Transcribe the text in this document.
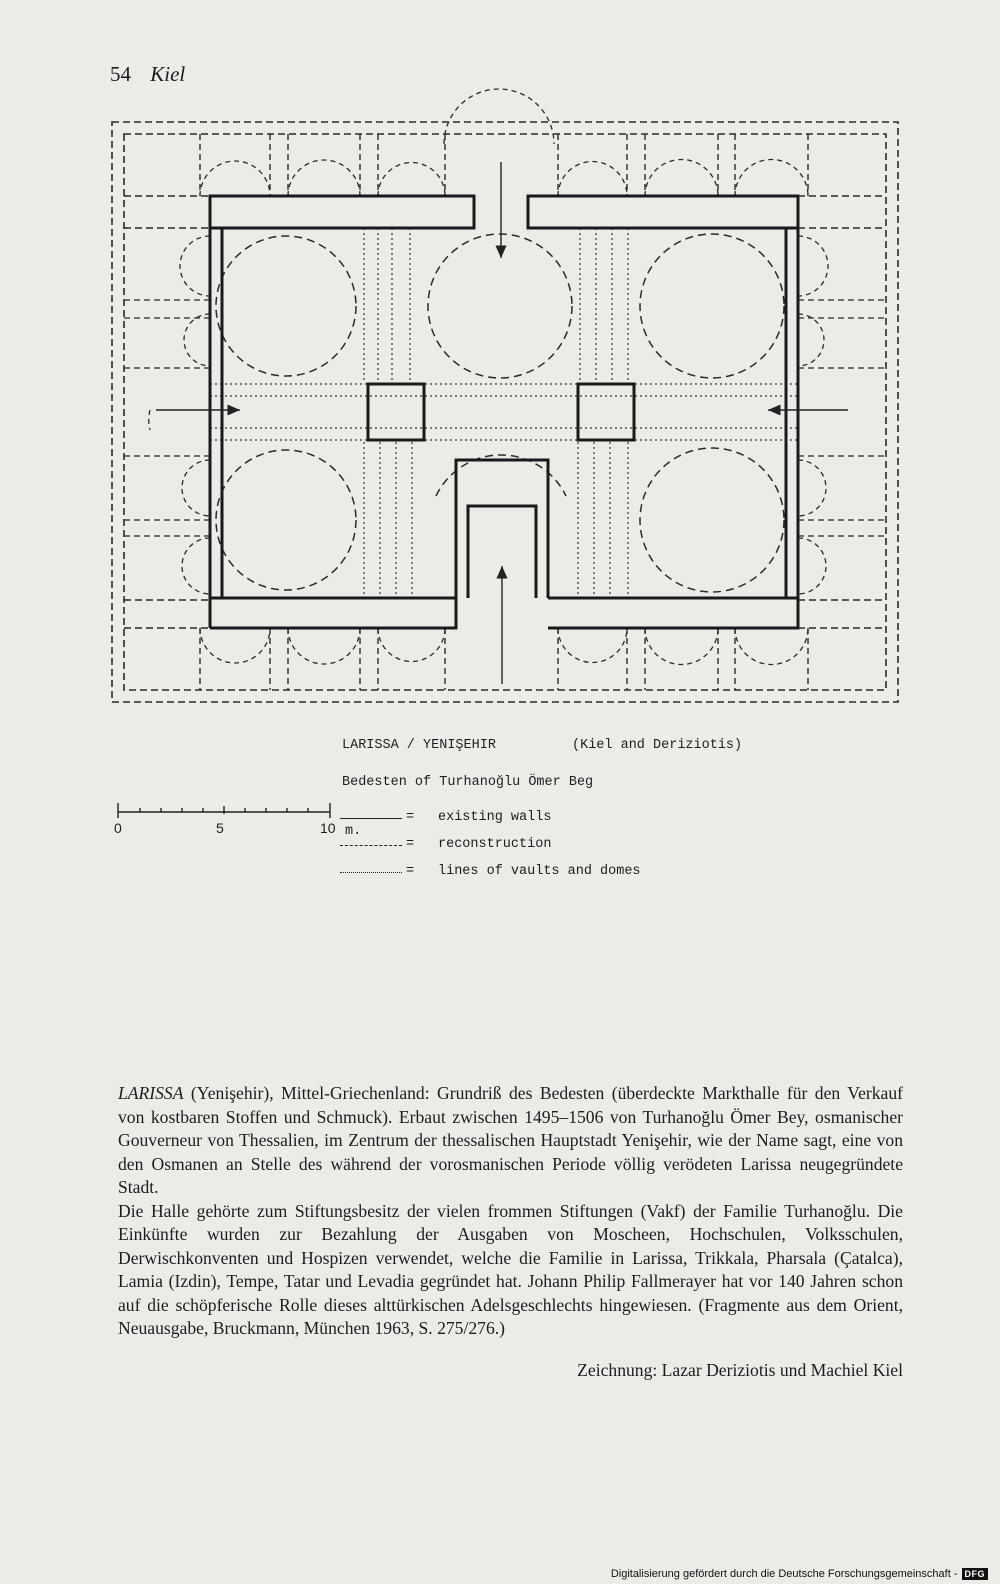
54 Kiel
LARISSA / YENIŞEHIR	(Kiel and Deriziotis)
Bedesten of Turhanoğlu Ömer Beg
0	5	10 m.
= existing walls
= reconstruction
= lines of vaults and domes

LARISSA (Yenişehir), Mittel-Griechenland: Grundriß des Bedesten (überdeckte Markthalle für den Verkauf von kostbaren Stoffen und Schmuck). Erbaut zwischen 1495–1506 von Turhanoğlu Ömer Bey, osmanischer Gouverneur von Thessalien, im Zentrum der thessalischen Hauptstadt Yenişehir, wie der Name sagt, eine von den Osmanen an Stelle des während der vorosmanischen Periode völlig verödeten Larissa neugegründete Stadt.

Die Halle gehörte zum Stiftungsbesitz der vielen frommen Stiftungen (Vakf) der Familie Turhanoğlu. Die Einkünfte wurden zur Bezahlung der Ausgaben von Moscheen, Hochschulen, Volksschulen, Derwischkonventen und Hospizen verwendet, welche die Familie in Larissa, Trikkala, Pharsala (Çatalca), Lamia (Izdin), Tempe, Tatar und Levadia gegründet hat. Johann Philip Fallmerayer hat vor 140 Jahren schon auf die schöpferische Rolle dieses alttürkischen Adelsgeschlechts hingewiesen. (Fragmente aus dem Orient, Neuausgabe, Bruckmann, München 1963, S. 275/276.)

Zeichnung: Lazar Deriziotis und Machiel Kiel
Digitalisierung gefördert durch die Deutsche Forschungsgemeinschaft - DFG
